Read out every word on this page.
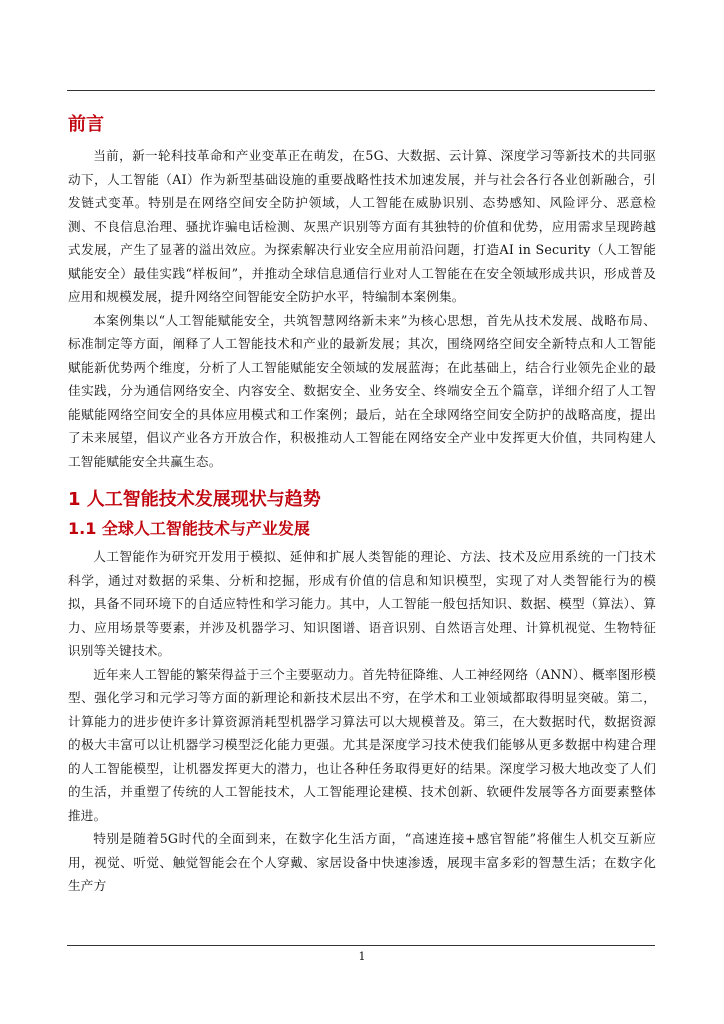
前言

当前，新一轮科技革命和产业变革正在萌发，在5G、大数据、云计算、深度学习等新技术的共同驱动下，人工智能（AI）作为新型基础设施的重要战略性技术加速发展，并与社会各行各业创新融合，引发链式变革。特别是在网络空间安全防护领域，人工智能在威胁识别、态势感知、风险评分、恶意检测、不良信息治理、骚扰诈骗电话检测、灰黑产识别等方面有其独特的价值和优势，应用需求呈现跨越式发展，产生了显著的溢出效应。为探索解决行业安全应用前沿问题，打造AI in Security（人工智能赋能安全）最佳实践“样板间”，并推动全球信息通信行业对人工智能在在安全领域形成共识，形成普及应用和规模发展，提升网络空间智能安全防护水平，特编制本案例集。

本案例集以“人工智能赋能安全，共筑智慧网络新未来”为核心思想，首先从技术发展、战略布局、标准制定等方面，阐释了人工智能技术和产业的最新发展；其次，围绕网络空间安全新特点和人工智能赋能新优势两个维度，分析了人工智能赋能安全领域的发展蓝海；在此基础上，结合行业领先企业的最佳实践，分为通信网络安全、内容安全、数据安全、业务安全、终端安全五个篇章，详细介绍了人工智能赋能网络空间安全的具体应用模式和工作案例；最后，站在全球网络空间安全防护的战略高度，提出了未来展望，倡议产业各方开放合作，积极推动人工智能在网络安全产业中发挥更大价值，共同构建人工智能赋能安全共赢生态。

1 人工智能技术发展现状与趋势
1.1 全球人工智能技术与产业发展

人工智能作为研究开发用于模拟、延伸和扩展人类智能的理论、方法、技术及应用系统的一门技术科学，通过对数据的采集、分析和挖掘，形成有价值的信息和知识模型，实现了对人类智能行为的模拟，具备不同环境下的自适应特性和学习能力。其中，人工智能一般包括知识、数据、模型（算法）、算力、应用场景等要素，并涉及机器学习、知识图谱、语音识别、自然语言处理、计算机视觉、生物特征识别等关键技术。

近年来人工智能的繁荣得益于三个主要驱动力。首先特征降维、人工神经网络（ANN）、概率图形模型、强化学习和元学习等方面的新理论和新技术层出不穷，在学术和工业领域都取得明显突破。第二，计算能力的进步使许多计算资源消耗型机器学习算法可以大规模普及。第三，在大数据时代，数据资源的极大丰富可以让机器学习模型泛化能力更强。尤其是深度学习技术使我们能够从更多数据中构建合理的人工智能模型，让机器发挥更大的潜力，也让各种任务取得更好的结果。深度学习极大地改变了人们的生活，并重塑了传统的人工智能技术，人工智能理论建模、技术创新、软硬件发展等各方面要素整体推进。

特别是随着5G时代的全面到来，在数字化生活方面，“高速连接+感官智能”将催生人机交互新应用，视觉、听觉、触觉智能会在个人穿戴、家居设备中快速渗透，展现丰富多彩的智慧生活；在数字化生产方

1
